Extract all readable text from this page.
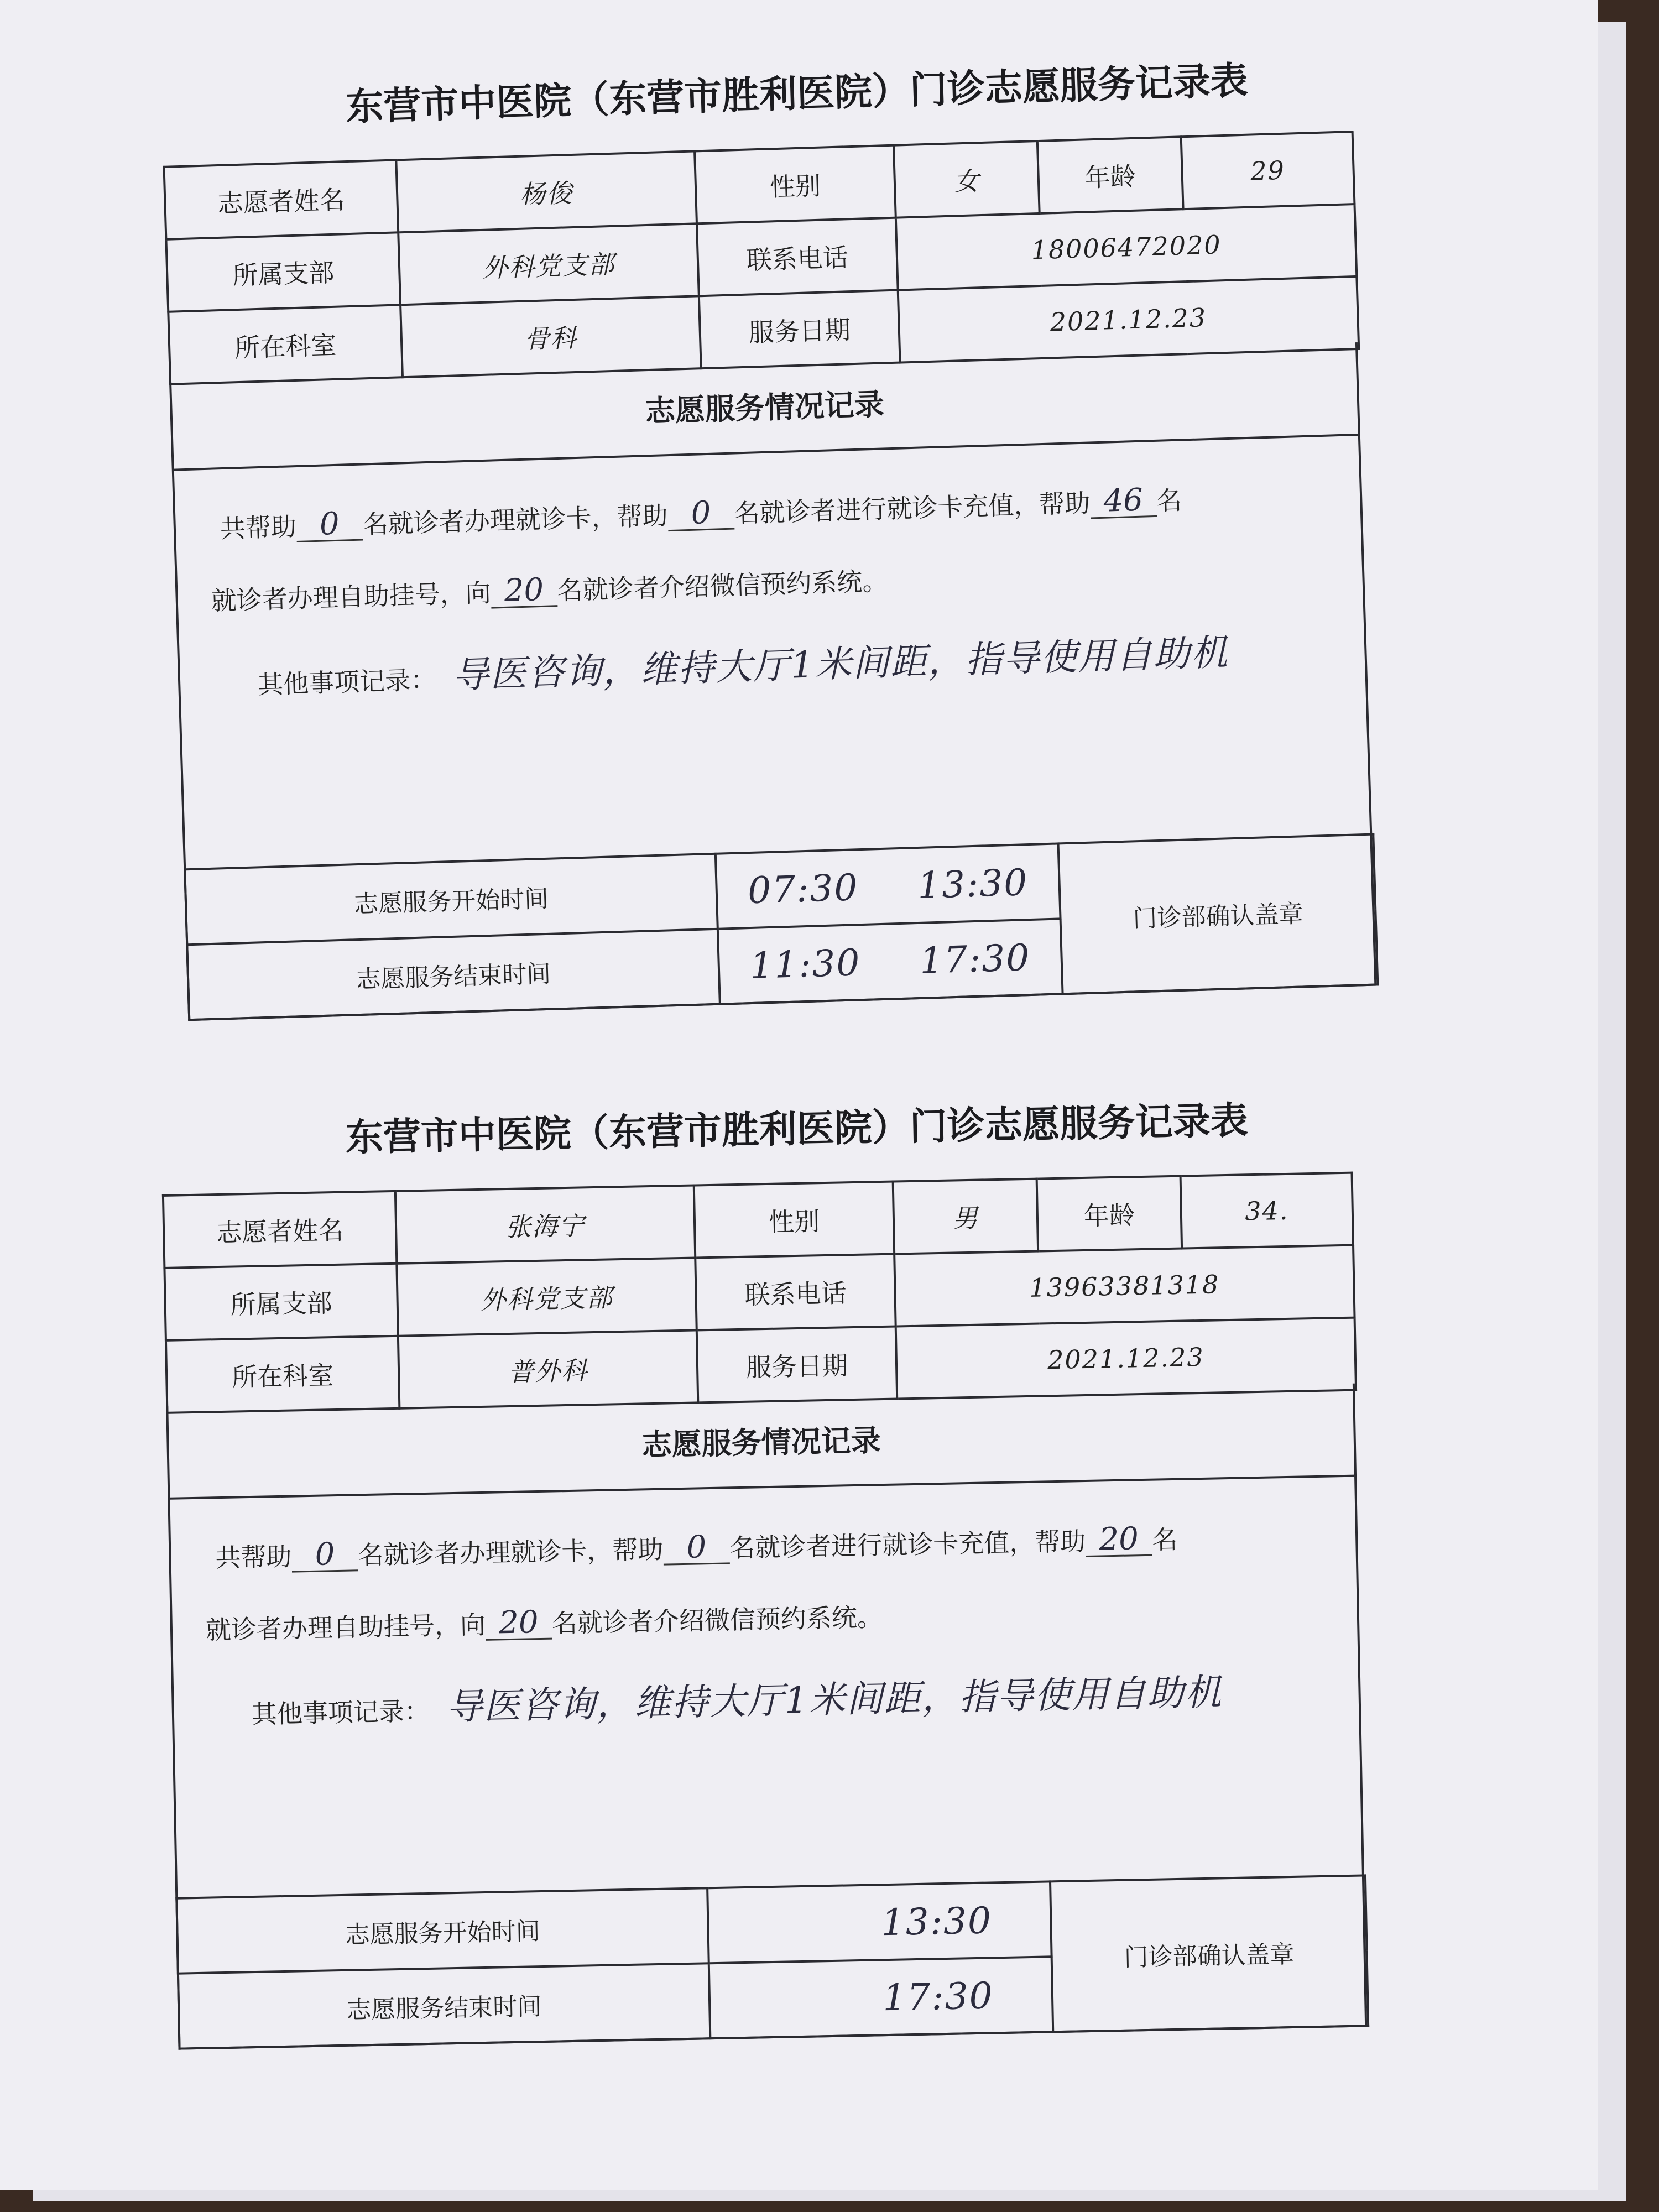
东营市中医院（东营市胜利医院）门诊志愿服务记录表
志愿者姓名	杨俊	性别	女	年龄	29
所属支部	外科党支部	联系电话	18006472020		
所在科室	骨科	服务日期	2021.12.23		
志愿服务情况记录
共帮助 0 名就诊者办理就诊卡，帮助 0 名就诊者进行就诊卡充值，帮助 46 名
就诊者办理自助挂号，向 20 名就诊者介绍微信预约系统。
其他事项记录： 导医咨询，维持大厅1米间距，指导使用自助机
志愿服务开始时间	07:30 13:30	门诊部确认盖章
志愿服务结束时间	11:30 17:30	
东营市中医院（东营市胜利医院）门诊志愿服务记录表
志愿者姓名	张海宁	性别	男	年龄	34.
所属支部	外科党支部	联系电话	13963381318		
所在科室	普外科	服务日期	2021.12.23		
志愿服务情况记录
共帮助 0 名就诊者办理就诊卡，帮助 0 名就诊者进行就诊卡充值，帮助 20 名
就诊者办理自助挂号，向 20 名就诊者介绍微信预约系统。
其他事项记录： 导医咨询，维持大厅1米间距，指导使用自助机
志愿服务开始时间	13:30	门诊部确认盖章
志愿服务结束时间	17:30	
